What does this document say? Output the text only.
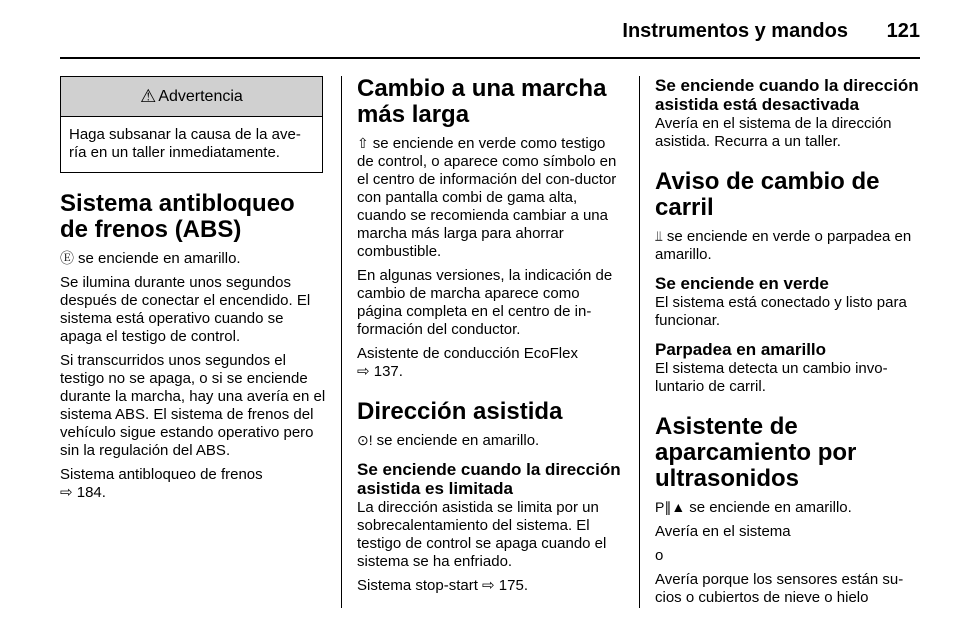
Instrumentos y mandos 121
⚠ Advertencia
Haga subsanar la causa de la ave-
ría en un taller inmediatamente.
Sistema antibloqueo de frenos (ABS)

Ⓔ se enciende en amarillo.

Se ilumina durante unos segundos después de conectar el encendido. El sistema está operativo cuando se apaga el testigo de control.

Si transcurridos unos segundos el testigo no se apaga, o si se enciende durante la marcha, hay una avería en el sistema ABS. El sistema de frenos del vehículo sigue estando operativo pero sin la regulación del ABS.

Sistema antibloqueo de frenos
⇨ 184.

Cambio a una marcha más larga

⇧ se enciende en verde como testigo de control, o aparece como símbolo en el centro de información del con-ductor con pantalla combi de gama alta, cuando se recomienda cambiar a una marcha más larga para ahorrar combustible.

En algunas versiones, la indicación de cambio de marcha aparece como página completa en el centro de in-formación del conductor.

Asistente de conducción EcoFlex
⇨ 137.

Dirección asistida

⊙! se enciende en amarillo.

Se enciende cuando la dirección asistida es limitada

La dirección asistida se limita por un sobrecalentamiento del sistema. El testigo de control se apaga cuando el sistema se ha enfriado.

Sistema stop-start ⇨ 175.

Se enciende cuando la dirección asistida está desactivada

Avería en el sistema de la dirección asistida. Recurra a un taller.

Aviso de cambio de carril

⫫ se enciende en verde o parpadea en amarillo.

Se enciende en verde

El sistema está conectado y listo para funcionar.

Parpadea en amarillo

El sistema detecta un cambio invo-luntario de carril.

Asistente de aparcamiento por ultrasonidos

P∥▲ se enciende en amarillo.

Avería en el sistema

o

Avería porque los sensores están su-cios o cubiertos de nieve o hielo
